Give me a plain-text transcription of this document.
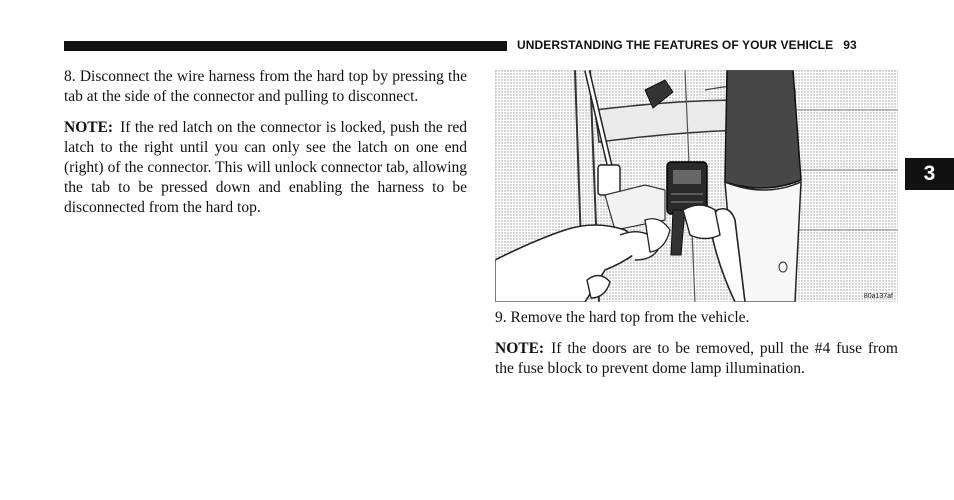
UNDERSTANDING THE FEATURES OF YOUR VEHICLE 93
3

8. Disconnect the wire harness from the hard top by pressing the tab at the side of the connector and pulling to disconnect.

NOTE: If the red latch on the connector is locked, push the red latch to the right until you can only see the latch on one end (right) of the connector. This will unlock connector tab, allowing the tab to be pressed down and enabling the harness to be disconnected from the hard top.

80a137af

9. Remove the hard top from the vehicle.

NOTE: If the doors are to be removed, pull the #4 fuse from the fuse block to prevent dome lamp illumination.
